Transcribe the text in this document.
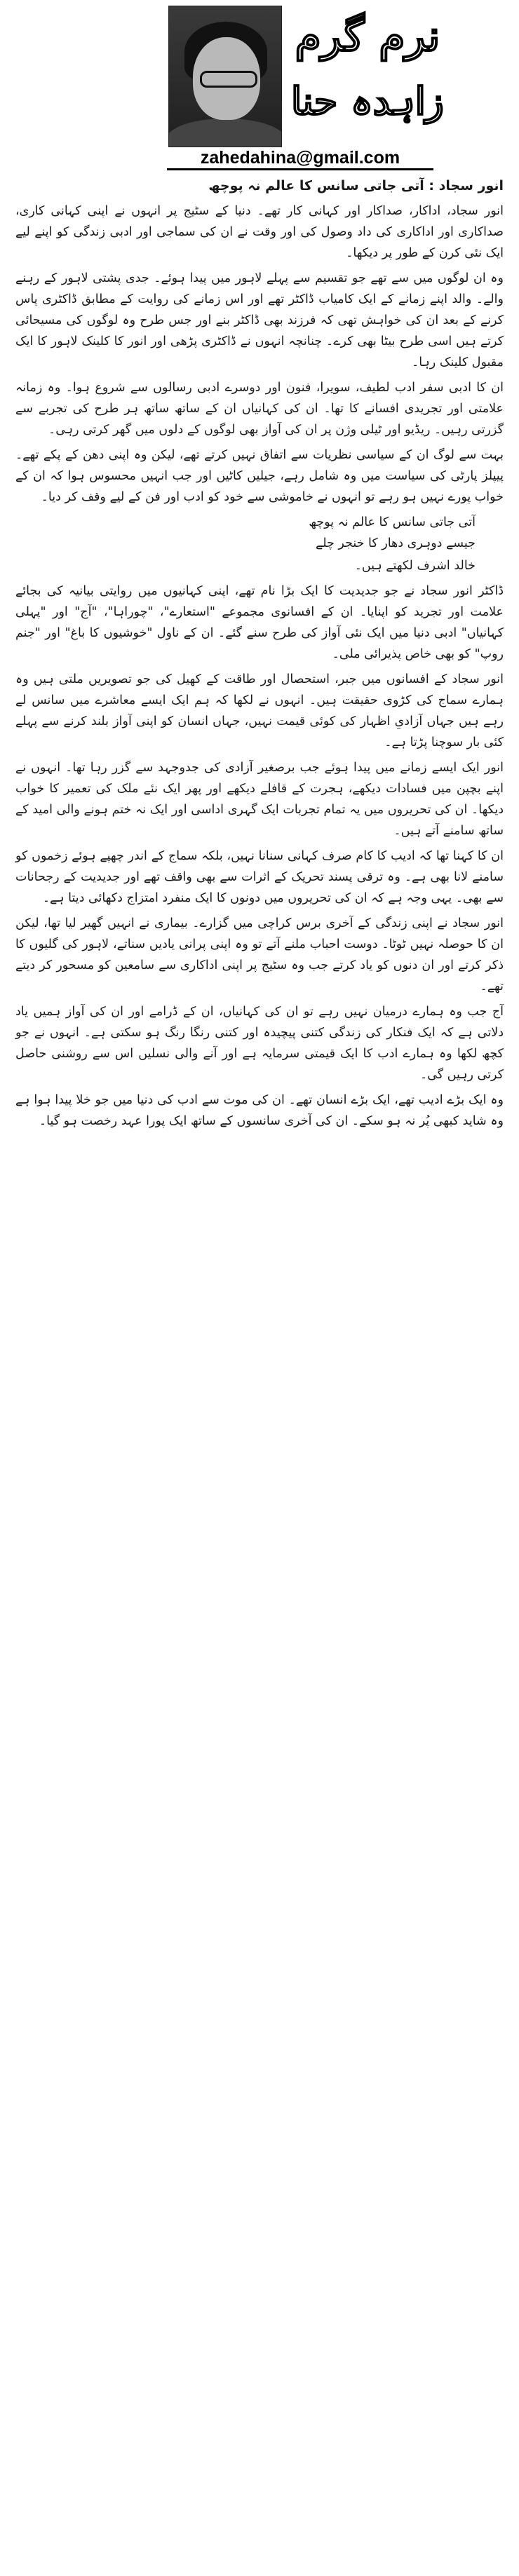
نرم گرم
زاہدہ حنا
zahedahina@gmail.com
انور سجاد : آتی جاتی سانس کا عالم نہ پوچھ

انور سجاد، اداکار، صداکار اور کہانی کار تھے۔ دنیا کے سٹیج پر انہوں نے اپنی کہانی کاری، صداکاری اور اداکاری کی داد وصول کی اور وقت نے ان کی سماجی اور ادبی زندگی کو اپنے لیے ایک نئی کرن کے طور پر دیکھا۔

وہ ان لوگوں میں سے تھے جو تقسیم سے پہلے لاہور میں پیدا ہوئے۔ جدی پشتی لاہور کے رہنے والے۔ والد اپنے زمانے کے ایک کامیاب ڈاکٹر تھے اور اس زمانے کی روایت کے مطابق ڈاکٹری پاس کرنے کے بعد ان کی خواہش تھی کہ فرزند بھی ڈاکٹر بنے اور جس طرح وہ لوگوں کی مسیحائی کرتے ہیں اسی طرح بیٹا بھی کرے۔ چنانچہ انہوں نے ڈاکٹری پڑھی اور انور کا کلینک لاہور کا ایک مقبول کلینک رہا۔

ان کا ادبی سفر ادب لطیف، سویرا، فنون اور دوسرے ادبی رسالوں سے شروع ہوا۔ وہ زمانہ علامتی اور تجریدی افسانے کا تھا۔ ان کی کہانیاں ان کے ساتھ ساتھ ہر طرح کی تجربے سے گزرتی رہیں۔ ریڈیو اور ٹیلی وژن پر ان کی آواز بھی لوگوں کے دلوں میں گھر کرتی رہی۔

بہت سے لوگ ان کے سیاسی نظریات سے اتفاق نہیں کرتے تھے، لیکن وہ اپنی دھن کے پکے تھے۔ پیپلز پارٹی کی سیاست میں وہ شامل رہے، جیلیں کاٹیں اور جب انہیں محسوس ہوا کہ ان کے خواب پورے نہیں ہو رہے تو انہوں نے خاموشی سے خود کو ادب اور فن کے لیے وقف کر دیا۔

آتی جاتی سانس کا عالم نہ پوچھ
جیسے دوہری دھار کا خنجر چلے
خالد اشرف لکھتے ہیں۔

ڈاکٹر انور سجاد نے جو جدیدیت کا ایک بڑا نام تھے، اپنی کہانیوں میں روایتی بیانیہ کی بجائے علامت اور تجرید کو اپنایا۔ ان کے افسانوی مجموعے "استعارے"، "چوراہا"، "آج" اور "پہلی کہانیاں" ادبی دنیا میں ایک نئی آواز کی طرح سنے گئے۔ ان کے ناول "خوشیوں کا باغ" اور "جنم روپ" کو بھی خاص پذیرائی ملی۔

انور سجاد کے افسانوں میں جبر، استحصال اور طاقت کے کھیل کی جو تصویریں ملتی ہیں وہ ہمارے سماج کی کڑوی حقیقت ہیں۔ انہوں نے لکھا کہ ہم ایک ایسے معاشرے میں سانس لے رہے ہیں جہاں آزادیِ اظہار کی کوئی قیمت نہیں، جہاں انسان کو اپنی آواز بلند کرنے سے پہلے کئی بار سوچنا پڑتا ہے۔

انور ایک ایسے زمانے میں پیدا ہوئے جب برصغیر آزادی کی جدوجہد سے گزر رہا تھا۔ انہوں نے اپنے بچپن میں فسادات دیکھے، ہجرت کے قافلے دیکھے اور پھر ایک نئے ملک کی تعمیر کا خواب دیکھا۔ ان کی تحریروں میں یہ تمام تجربات ایک گہری اداسی اور ایک نہ ختم ہونے والی امید کے ساتھ سامنے آتے ہیں۔

ان کا کہنا تھا کہ ادیب کا کام صرف کہانی سنانا نہیں، بلکہ سماج کے اندر چھپے ہوئے زخموں کو سامنے لانا بھی ہے۔ وہ ترقی پسند تحریک کے اثرات سے بھی واقف تھے اور جدیدیت کے رجحانات سے بھی۔ یہی وجہ ہے کہ ان کی تحریروں میں دونوں کا ایک منفرد امتزاج دکھائی دیتا ہے۔

انور سجاد نے اپنی زندگی کے آخری برس کراچی میں گزارے۔ بیماری نے انہیں گھیر لیا تھا، لیکن ان کا حوصلہ نہیں ٹوٹا۔ دوست احباب ملنے آتے تو وہ اپنی پرانی یادیں سناتے، لاہور کی گلیوں کا ذکر کرتے اور ان دنوں کو یاد کرتے جب وہ سٹیج پر اپنی اداکاری سے سامعین کو مسحور کر دیتے تھے۔

آج جب وہ ہمارے درمیان نہیں رہے تو ان کی کہانیاں، ان کے ڈرامے اور ان کی آواز ہمیں یاد دلاتی ہے کہ ایک فنکار کی زندگی کتنی پیچیدہ اور کتنی رنگا رنگ ہو سکتی ہے۔ انہوں نے جو کچھ لکھا وہ ہمارے ادب کا ایک قیمتی سرمایہ ہے اور آنے والی نسلیں اس سے روشنی حاصل کرتی رہیں گی۔

وہ ایک بڑے ادیب تھے، ایک بڑے انسان تھے۔ ان کی موت سے ادب کی دنیا میں جو خلا پیدا ہوا ہے وہ شاید کبھی پُر نہ ہو سکے۔ ان کی آخری سانسوں کے ساتھ ایک پورا عہد رخصت ہو گیا۔
